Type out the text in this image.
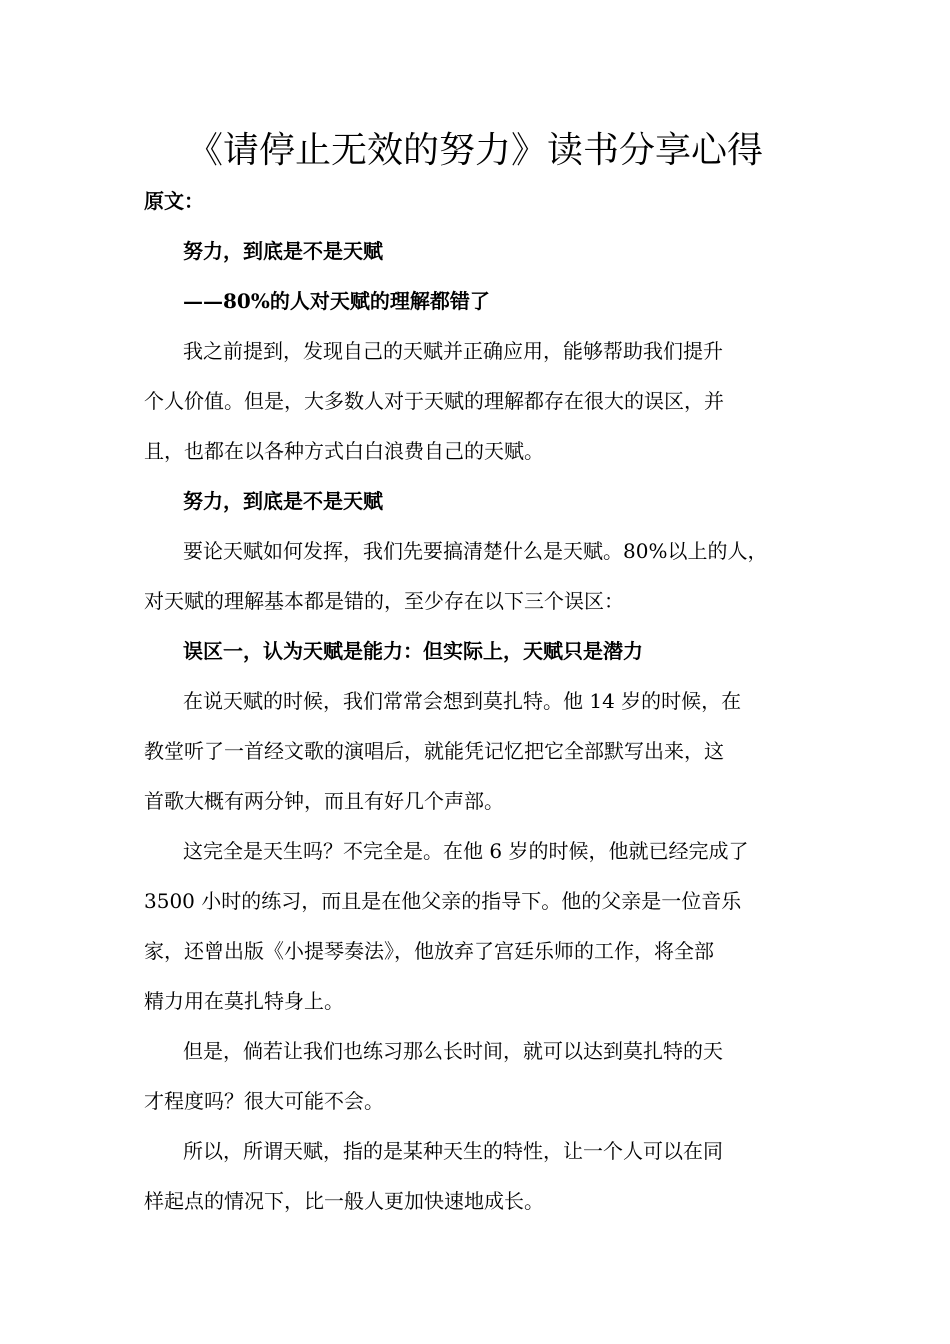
《请停止无效的努力》读书分享心得
原文：
努力，到底是不是天赋
——80%的人对天赋的理解都错了
我之前提到，发现自己的天赋并正确应用，能够帮助我们提升
个人价值。但是，大多数人对于天赋的理解都存在很大的误区，并
且，也都在以各种方式白白浪费自己的天赋。
努力，到底是不是天赋
要论天赋如何发挥，我们先要搞清楚什么是天赋。80%以上的人，
对天赋的理解基本都是错的，至少存在以下三个误区：
误区一，认为天赋是能力：但实际上，天赋只是潜力
在说天赋的时候，我们常常会想到莫扎特。他 14 岁的时候，在
教堂听了一首经文歌的演唱后，就能凭记忆把它全部默写出来，这
首歌大概有两分钟，而且有好几个声部。
这完全是天生吗？不完全是。在他 6 岁的时候，他就已经完成了
3500 小时的练习，而且是在他父亲的指导下。他的父亲是一位音乐
家，还曾出版《小提琴奏法》，他放弃了宫廷乐师的工作，将全部
精力用在莫扎特身上。
但是，倘若让我们也练习那么长时间，就可以达到莫扎特的天
才程度吗？很大可能不会。
所以，所谓天赋，指的是某种天生的特性，让一个人可以在同
样起点的情况下，比一般人更加快速地成长。
